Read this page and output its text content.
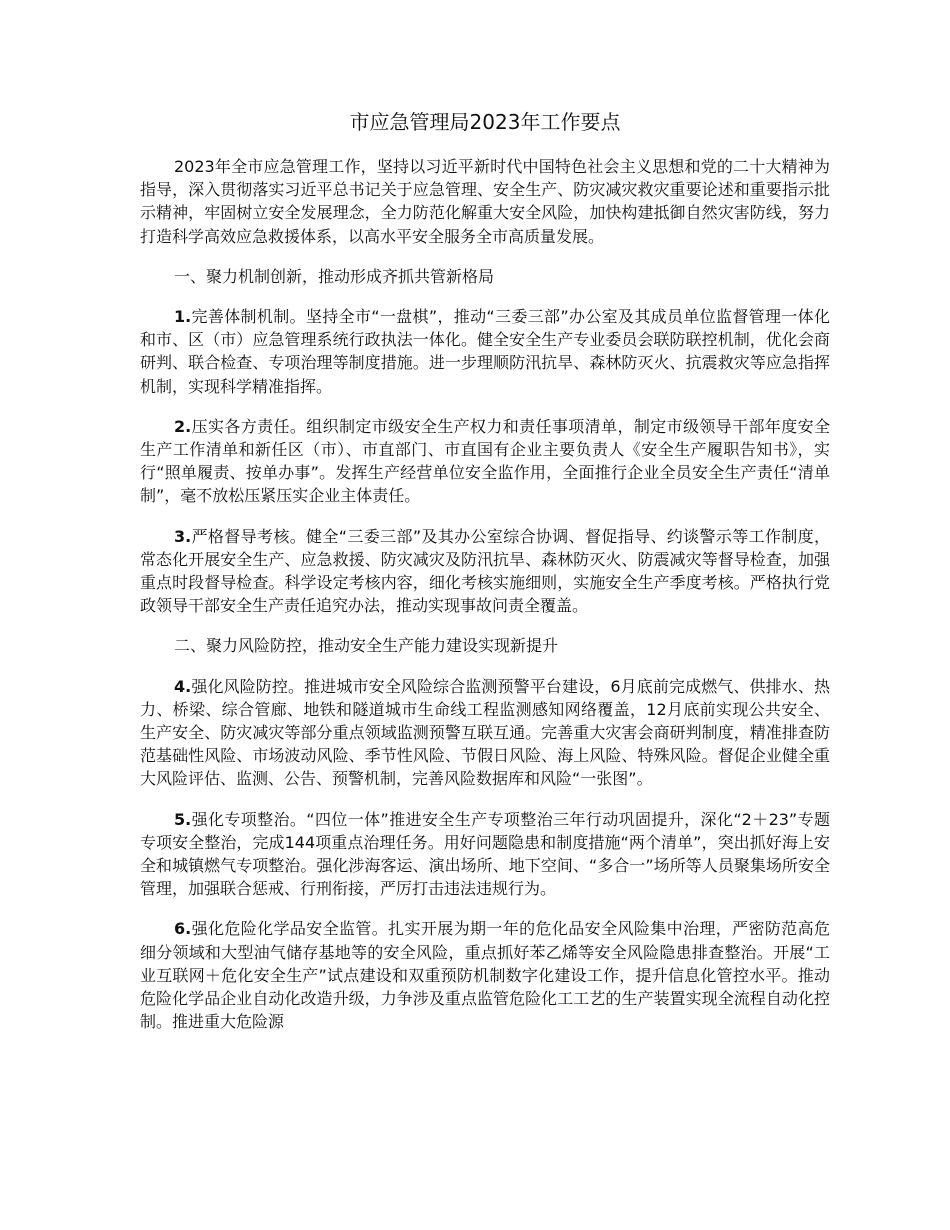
市应急管理局2023年工作要点

2023年全市应急管理工作，坚持以习近平新时代中国特色社会主义思想和党的二十大精神为指导，深入贯彻落实习近平总书记关于应急管理、安全生产、防灾减灾救灾重要论述和重要指示批示精神，牢固树立安全发展理念，全力防范化解重大安全风险，加快构建抵御自然灾害防线，努力打造科学高效应急救援体系，以高水平安全服务全市高质量发展。

一、聚力机制创新，推动形成齐抓共管新格局

1.完善体制机制。坚持全市“一盘棋”，推动“三委三部”办公室及其成员单位监督管理一体化和市、区（市）应急管理系统行政执法一体化。健全安全生产专业委员会联防联控机制，优化会商研判、联合检查、专项治理等制度措施。进一步理顺防汛抗旱、森林防灭火、抗震救灾等应急指挥机制，实现科学精准指挥。

2.压实各方责任。组织制定市级安全生产权力和责任事项清单，制定市级领导干部年度安全生产工作清单和新任区（市）、市直部门、市直国有企业主要负责人《安全生产履职告知书》，实行“照单履责、按单办事”。发挥生产经营单位安全监作用，全面推行企业全员安全生产责任“清单制”，毫不放松压紧压实企业主体责任。

3.严格督导考核。健全“三委三部”及其办公室综合协调、督促指导、约谈警示等工作制度，常态化开展安全生产、应急救援、防灾减灾及防汛抗旱、森林防灭火、防震减灾等督导检查，加强重点时段督导检查。科学设定考核内容，细化考核实施细则，实施安全生产季度考核。严格执行党政领导干部安全生产责任追究办法，推动实现事故问责全覆盖。

二、聚力风险防控，推动安全生产能力建设实现新提升

4.强化风险防控。推进城市安全风险综合监测预警平台建设，6月底前完成燃气、供排水、热力、桥梁、综合管廊、地铁和隧道城市生命线工程监测感知网络覆盖，12月底前实现公共安全、生产安全、防灾减灾等部分重点领域监测预警互联互通。完善重大灾害会商研判制度，精准排查防范基础性风险、市场波动风险、季节性风险、节假日风险、海上风险、特殊风险。督促企业健全重大风险评估、监测、公告、预警机制，完善风险数据库和风险“一张图”。

5.强化专项整治。“四位一体”推进安全生产专项整治三年行动巩固提升，深化“2＋23”专题专项安全整治，完成144项重点治理任务。用好问题隐患和制度措施“两个清单”，突出抓好海上安全和城镇燃气专项整治。强化涉海客运、演出场所、地下空间、“多合一”场所等人员聚集场所安全管理，加强联合惩戒、行刑衔接，严厉打击违法违规行为。

6.强化危险化学品安全监管。扎实开展为期一年的危化品安全风险集中治理，严密防范高危细分领域和大型油气储存基地等的安全风险，重点抓好苯乙烯等安全风险隐患排查整治。开展“工业互联网＋危化安全生产”试点建设和双重预防机制数字化建设工作，提升信息化管控水平。推动危险化学品企业自动化改造升级，力争涉及重点监管危险化工工艺的生产装置实现全流程自动化控制。推进重大危险源
